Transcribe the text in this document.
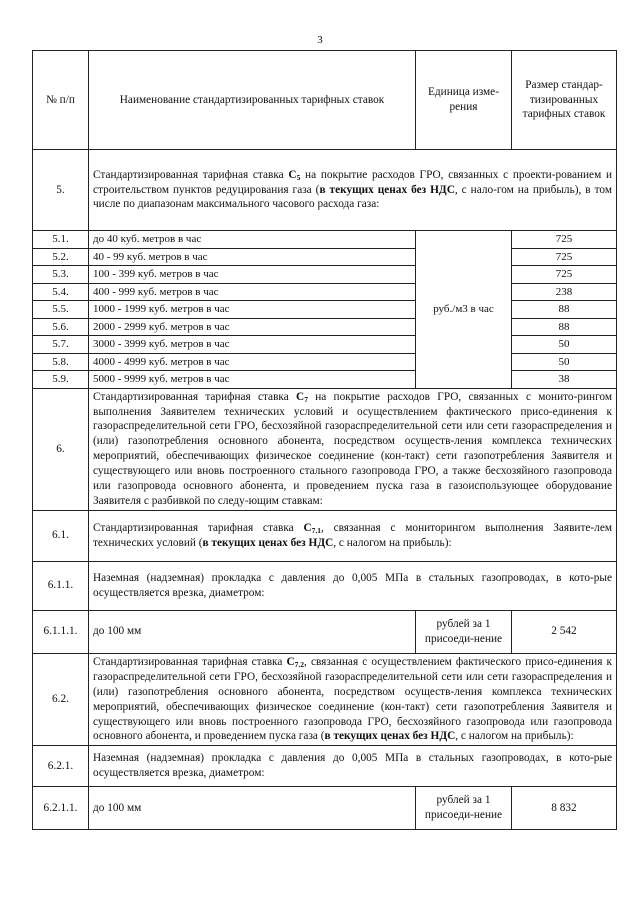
3
№ п/п	Наименование стандартизированных тарифных ставок	Единица изме-рения	Размер стандар-тизированных тарифных ставок
5.	Стандартизированная тарифная ставка $С_5$ на покрытие расходов ГРО, связанных с проекти-рованием и строительством пунктов редуцирования газа (в текущих ценах без НДС, с нало-гом на прибыль), в том числе по диапазонам максимального часового расхода газа:		
5.1.	до 40 куб. метров в час	руб./м3 в час	725
5.2.	40 - 99 куб. метров в час		725
5.3.	100 - 399 куб. метров в час		725
5.4.	400 - 999 куб. метров в час		238
5.5.	1000 - 1999 куб. метров в час		88
5.6.	2000 - 2999 куб. метров в час		88
5.7.	3000 - 3999 куб. метров в час		50
5.8.	4000 - 4999 куб. метров в час		50
5.9.	5000 - 9999 куб. метров в час		38
6.	Стандартизированная тарифная ставка $С_7$ на покрытие расходов ГРО, связанных с монито-рингом выполнения Заявителем технических условий и осуществлением фактического присо-единения к газораспределительной сети ГРО, бесхозяйной газораспределительной сети или сети газораспределения и (или) газопотребления основного абонента, посредством осуществ-ления комплекса технических мероприятий, обеспечивающих физическое соединение (кон-такт) сети газопотребления Заявителя и существующего или вновь построенного стального газопровода ГРО, а также бесхозяйного газопровода или газопровода основного абонента, и проведением пуска газа в газоиспользующее оборудование Заявителя с разбивкой по следу-ющим ставкам:		
6.1.	Стандартизированная тарифная ставка $С_{7.1}$, связанная с мониторингом выполнения Заявите-лем технических условий (в текущих ценах без НДС, с налогом на прибыль):		
6.1.1.	Наземная (надземная) прокладка с давления до 0,005 МПа в стальных газопроводах, в кото-рые осуществляется врезка, диаметром:		
6.1.1.1.	до 100 мм	рублей за 1 присоеди-нение	2 542
6.2.	Стандартизированная тарифная ставка $С_{7.2}$, связанная с осуществлением фактического присо-единения к газораспределительной сети ГРО, бесхозяйной газораспределительной сети или сети газораспределения и (или) газопотребления основного абонента, посредством осуществ-ления комплекса технических мероприятий, обеспечивающих физическое соединение (кон-такт) сети газопотребления Заявителя и существующего или вновь построенного газопровода ГРО, бесхозяйного газопровода или газопровода основного абонента, и проведением пуска газа (в текущих ценах без НДС, с налогом на прибыль):		
6.2.1.	Наземная (надземная) прокладка с давления до 0,005 МПа в стальных газопроводах, в кото-рые осуществляется врезка, диаметром:		
6.2.1.1.	до 100 мм	рублей за 1 присоеди-нение	8 832
